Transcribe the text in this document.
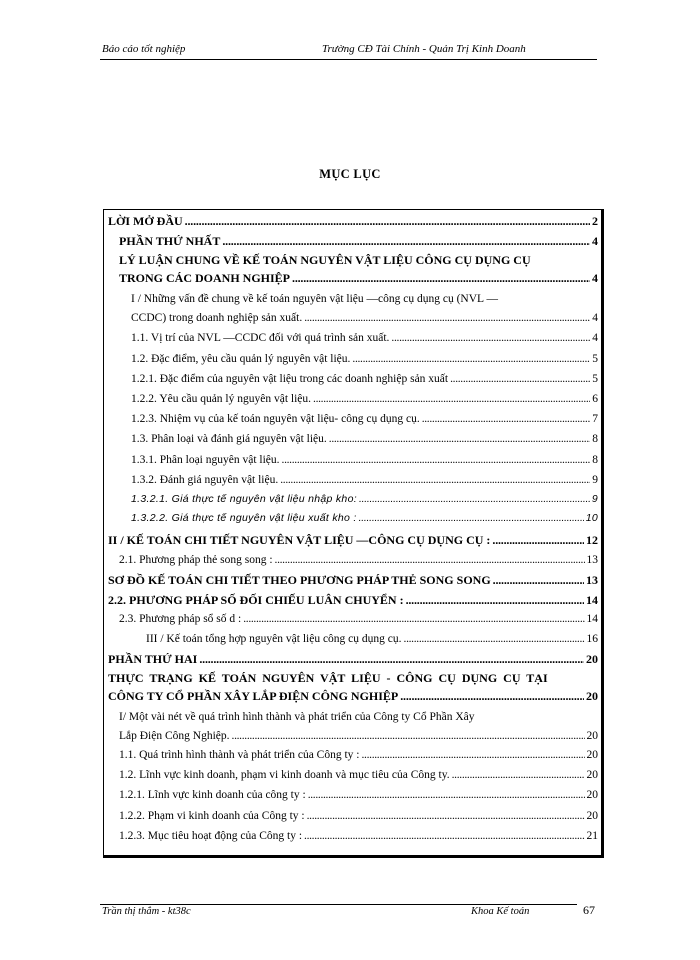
Báo cáo tốt nghiệp	Trường CĐ Tài Chính - Quản Trị Kinh Doanh
MỤC LỤC
LỜI MỞ ĐẦU . . .	2
PHẦN THỨ NHẤT . . .	4
LÝ LUẬN CHUNG VỀ KẾ TOÁN NGUYÊN VẬT LIỆU CÔNG CỤ DỤNG CỤ
TRONG CÁC DOANH NGHIỆP . . .	4
I / Những vấn đề chung về kế toán nguyên vật liệu —công cụ dụng cụ (NVL —
CCDC) trong doanh nghiệp sản xuất. . . .	4
1.1. Vị trí của NVL —CCDC đối với quá trình sản xuất. . . .	4
1.2. Đặc điểm, yêu cầu quản lý nguyên vật liệu. . . .	5
1.2.1. Đặc điểm của nguyên vật liệu trong các doanh nghiệp sản xuất . . .	5
1.2.2. Yêu cầu quản lý nguyên vật liệu. . . .	6
1.2.3. Nhiệm vụ của kế toán nguyên vật liệu- công cụ dụng cụ. . . .	7
1.3. Phân loại và đánh giá nguyên vật liệu. . . .	8
1.3.1. Phân loại nguyên vật liệu. . . .	8
1.3.2. Đánh giá nguyên vật liệu. . . .	9
1.3.2.1. Giá thực tế nguyên vật liệu nhập kho: . . .	9
1.3.2.2. Giá thực tế nguyên vật liệu xuất kho : . . .	10
II / KẾ TOÁN CHI TIẾT NGUYÊN VẬT LIỆU —CÔNG CỤ DỤNG CỤ : . . .	12
2.1. Phương pháp thẻ song song : . . .	13
SƠ ĐỒ KẾ TOÁN CHI TIẾT THEO PHƯƠNG PHÁP THẺ SONG SONG . . .	13
2.2. PHƯƠNG PHÁP SỐ ĐỐI CHIẾU LUÂN CHUYỂN : . . .	14
2.3. Phương pháp sổ số d : . . .	14
III / Kế toán tổng hợp nguyên vật liệu công cụ dụng cụ. . . .	16
PHẦN THỨ HAI . . .	20
THỰC TRẠNG KẾ TOÁN NGUYÊN VẬT LIỆU - CÔNG CỤ DỤNG CỤ TẠI
CÔNG TY CỔ PHẦN XÂY LẮP ĐIỆN CÔNG NGHIỆP . . .	20
I/ Một vài nét về quá trình hình thành và phát triển của Công ty Cổ Phần Xây
Lắp Điện Công Nghiệp. . . .	20
1.1. Quá trình hình thành và phát triển của Công ty : . . .	20
1.2. Lĩnh vực kinh doanh, phạm vi kinh doanh và mục tiêu của Công ty. . . .	20
1.2.1. Lĩnh vực kinh doanh của công ty : . . .	20
1.2.2. Phạm vi kinh doanh của Công ty : . . .	20
1.2.3. Mục tiêu hoạt động của Công ty : . . .	21
Trần thị thắm - kt38c	Khoa Kế toán	67
